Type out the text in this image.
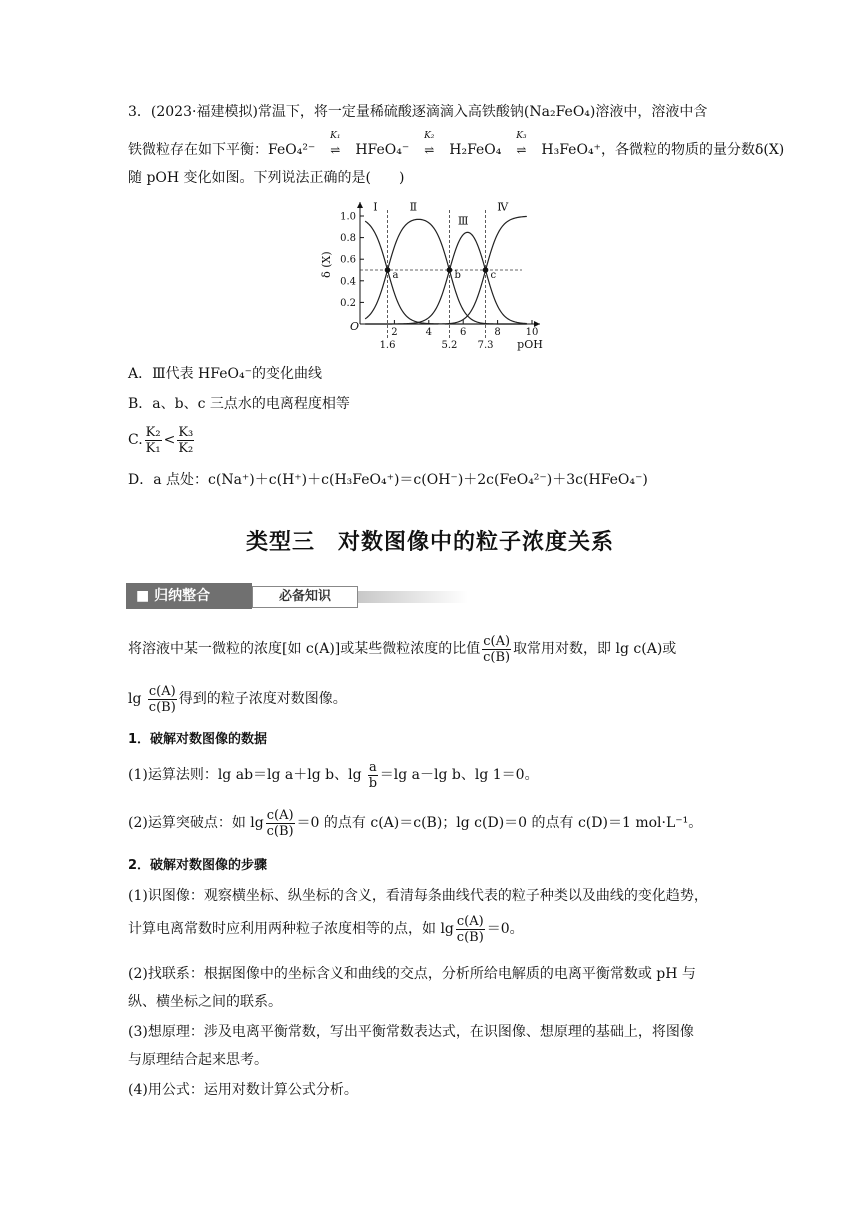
3．(2023·福建模拟)常温下，将一定量稀硫酸逐滴滴入高铁酸钠(Na₂FeO₄)溶液中，溶液中含
铁微粒存在如下平衡：FeO₄²⁻
K₁
⇌ HFeO₄⁻
K₂
⇌ H₂FeO₄
K₃
⇌ H₃FeO₄⁺，各微粒的物质的量分数δ(X)
随 pOH 变化如图。下列说法正确的是(　　)
a	b	c
0.2
0.4
0.6
0.8
1.0
2	4	6	8 10
1.6	5.2 7.3
O
δ (X)
pOH
Ⅰ	Ⅱ
Ⅲ
Ⅳ
A．Ⅲ代表 HFeO₄⁻的变化曲线
B．a、b、c 三点水的电离程度相等
C. $\frac{\text{K₂}}{\text{K₁}} < \frac{\text{K₃}}{\text{K₂}}$
D．a 点处：c(Na⁺)＋c(H⁺)＋c(H₃FeO₄⁺)＝c(OH⁻)＋2c(FeO₄²⁻)＋3c(HFeO₄⁻)
类型三　对数图像中的粒子浓度关系
■ 归纳整合	必备知识
将溶液中某一微粒的浓度[如 c(A)]或某些微粒浓度的比值 $\frac{c(A)}{c(B)}$ 取常用对数，即 lg c(A)或
$\lg \frac{c(A)}{c(B)}$ 得到的粒子浓度对数图像。
1．破解对数图像的数据
(1)运算法则：lg ab＝lg a＋lg b、$\lg \frac{a}{b} =\lg$ a－lg b、lg 1＝0。
(2)运算突破点：如 $\lg \frac{c(A)}{c(B)} =0$ 的点有 c(A)＝c(B)；lg c(D)＝0 的点有 c(D)＝1 mol·L⁻¹。
2．破解对数图像的步骤
(1)识图像：观察横坐标、纵坐标的含义，看清每条曲线代表的粒子种类以及曲线的变化趋势，
计算电离常数时应利用两种粒子浓度相等的点，如 $\lg \frac{c(A)}{c(B)} =0$。
(2)找联系：根据图像中的坐标含义和曲线的交点，分析所给电解质的电离平衡常数或 pH 与
纵、横坐标之间的联系。
(3)想原理：涉及电离平衡常数，写出平衡常数表达式，在识图像、想原理的基础上，将图像
与原理结合起来思考。
(4)用公式：运用对数计算公式分析。
